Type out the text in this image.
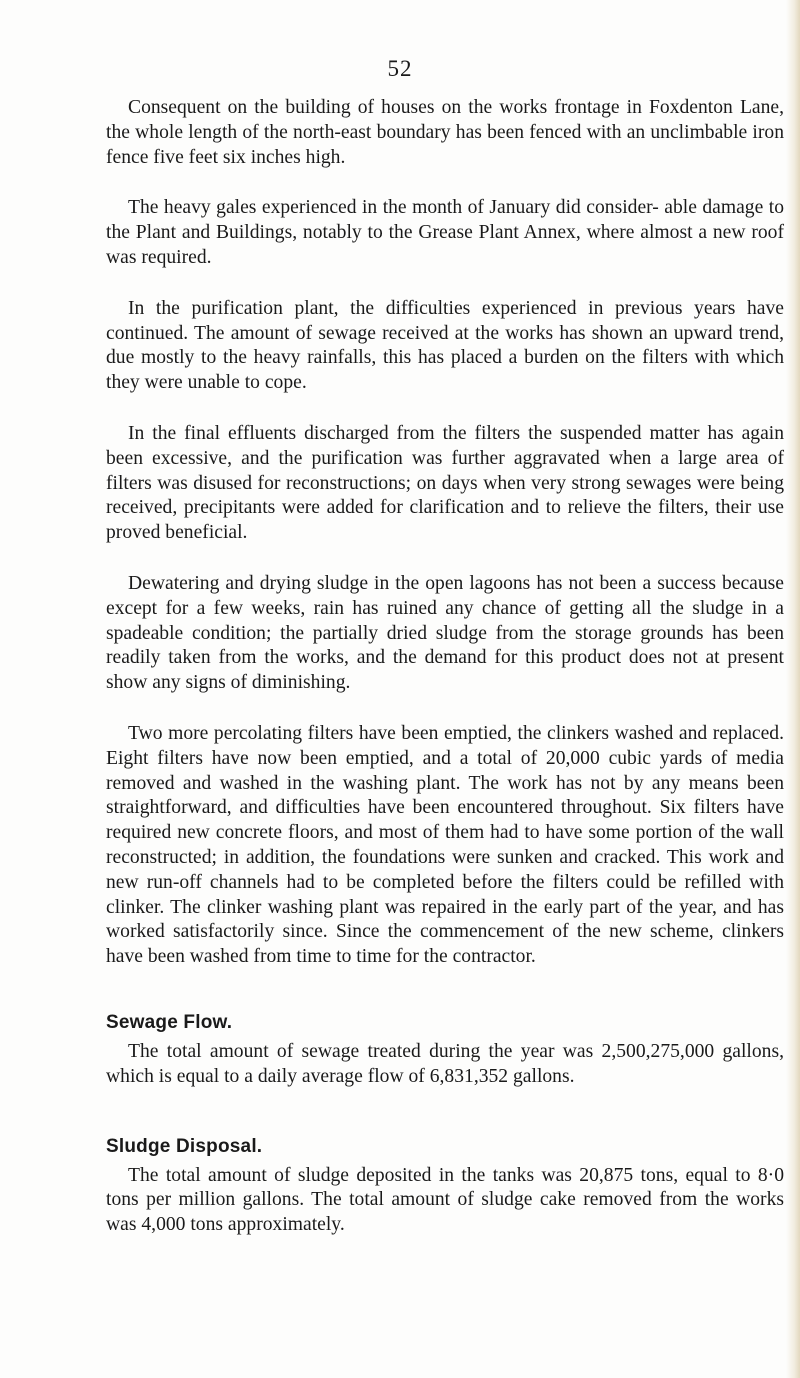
52

Consequent on the building of houses on the works frontage in Foxdenton Lane, the whole length of the north-east boundary has been fenced with an unclimbable iron fence five feet six inches high.

The heavy gales experienced in the month of January did consider- able damage to the Plant and Buildings, notably to the Grease Plant Annex, where almost a new roof was required.

In the purification plant, the difficulties experienced in previous years have continued. The amount of sewage received at the works has shown an upward trend, due mostly to the heavy rainfalls, this has placed a burden on the filters with which they were unable to cope.

In the final effluents discharged from the filters the suspended matter has again been excessive, and the purification was further aggravated when a large area of filters was disused for reconstructions; on days when very strong sewages were being received, precipitants were added for clarification and to relieve the filters, their use proved beneficial.

Dewatering and drying sludge in the open lagoons has not been a success because except for a few weeks, rain has ruined any chance of getting all the sludge in a spadeable condition; the partially dried sludge from the storage grounds has been readily taken from the works, and the demand for this product does not at present show any signs of diminishing.

Two more percolating filters have been emptied, the clinkers washed and replaced. Eight filters have now been emptied, and a total of 20,000 cubic yards of media removed and washed in the washing plant. The work has not by any means been straightforward, and difficulties have been encountered throughout. Six filters have required new concrete floors, and most of them had to have some portion of the wall reconstructed; in addition, the foundations were sunken and cracked. This work and new run-off channels had to be completed before the filters could be refilled with clinker. The clinker washing plant was repaired in the early part of the year, and has worked satisfactorily since. Since the commencement of the new scheme, clinkers have been washed from time to time for the contractor.

Sewage Flow.

The total amount of sewage treated during the year was 2,500,275,000 gallons, which is equal to a daily average flow of 6,831,352 gallons.

Sludge Disposal.

The total amount of sludge deposited in the tanks was 20,875 tons, equal to 8·0 tons per million gallons. The total amount of sludge cake removed from the works was 4,000 tons approximately.
